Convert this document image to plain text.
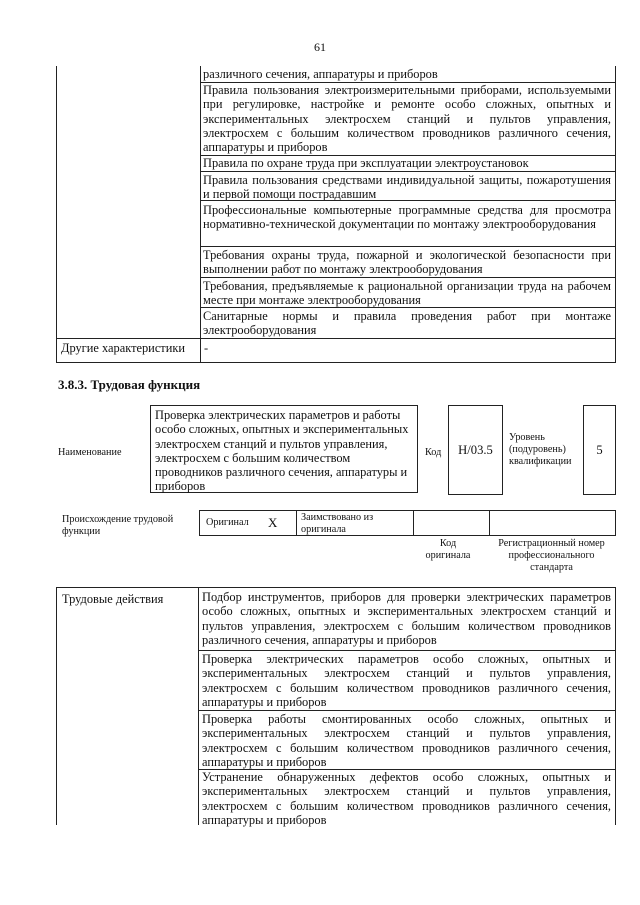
61
различного сечения, аппаратуры и приборов
Правила пользования электроизмерительными приборами, используемыми при регулировке, настройке и ремонте особо сложных, опытных и экспериментальных электросхем станций и пультов управления, электросхем с большим количеством проводников различного сечения, аппаратуры и приборов
Правила по охране труда при эксплуатации электроустановок
Правила пользования средствами индивидуальной защиты, пожаротушения и первой помощи пострадавшим
Профессиональные компьютерные программные средства для просмотра нормативно-технической документации по монтажу электрооборудования
Требования охраны труда, пожарной и экологической безопасности при выполнении работ по монтажу электрооборудования
Требования, предъявляемые к рациональной организации труда на рабочем месте при монтаже электрооборудования
Санитарные нормы и правила проведения работ при монтаже электрооборудования
Другие характеристики -
3.8.3. Трудовая функция
Наименование
Проверка электрических параметров и работы особо сложных, опытных и экспериментальных электросхем станций и пультов управления, электросхем с большим количеством проводников различного сечения, аппаратуры и приборов
Код	H/03.5
Уровень (подуровень) квалификации
5
Происхождение трудовой функции
Оригинал X Заимствовано из оригинала
Код оригинала
Регистрационный номер профессионального стандарта
Трудовые действия	Подбор инструментов, приборов для проверки электрических параметров особо сложных, опытных и экспериментальных электросхем станций и пультов управления, электросхем с большим количеством проводников различного сечения, аппаратуры и приборов
Проверка электрических параметров особо сложных, опытных и экспериментальных электросхем станций и пультов управления, электросхем с большим количеством проводников различного сечения, аппаратуры и приборов
Проверка работы смонтированных особо сложных, опытных и экспериментальных электросхем станций и пультов управления, электросхем с большим количеством проводников различного сечения, аппаратуры и приборов
Устранение обнаруженных дефектов особо сложных, опытных и экспериментальных электросхем станций и пультов управления, электросхем с большим количеством проводников различного сечения, аппаратуры и приборов
